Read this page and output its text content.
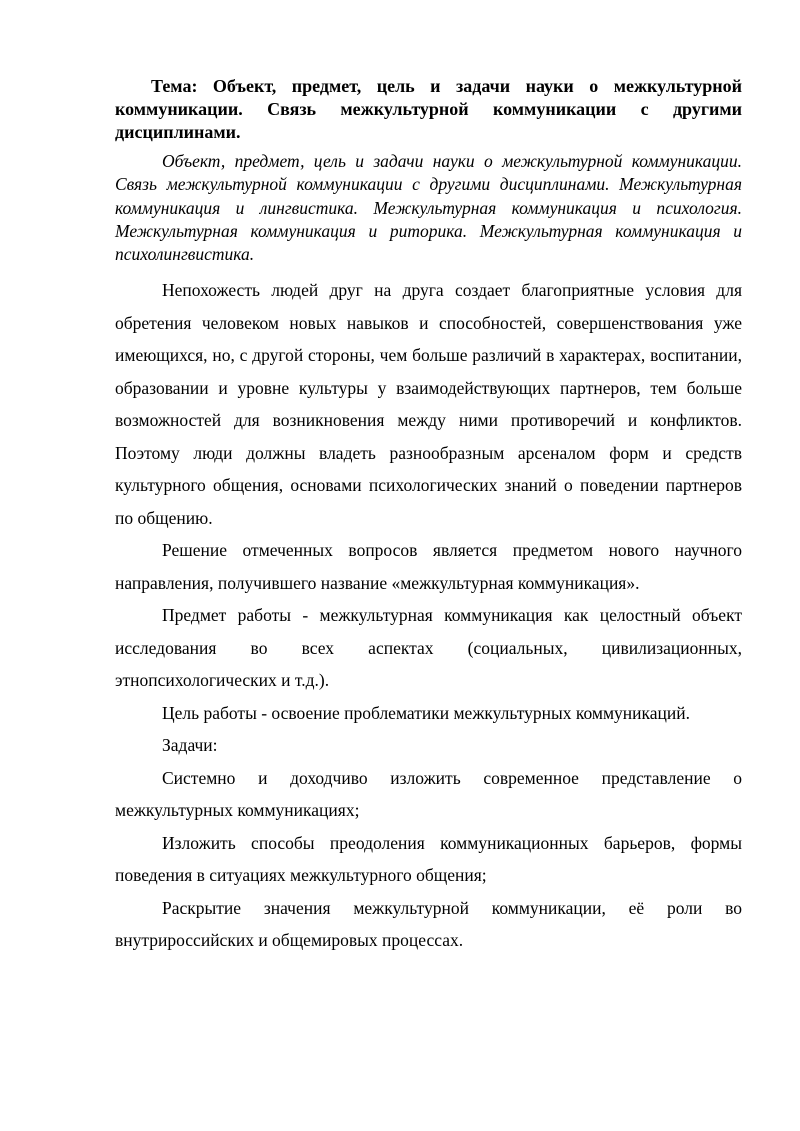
Тема: Объект, предмет, цель и задачи науки о межкультурной коммуникации. Связь межкультурной коммуникации с другими дисциплинами.

Объект, предмет, цель и задачи науки о межкультурной коммуникации. Связь межкультурной коммуникации с другими дисциплинами. Межкультурная коммуникация и лингвистика. Межкультурная коммуникация и психология. Межкультурная коммуникация и риторика. Межкультурная коммуникация и психолингвистика.

Непохожесть людей друг на друга создает благоприятные условия для обретения человеком новых навыков и способностей, совершенствования уже имеющихся, но, с другой стороны, чем больше различий в характерах, воспитании, образовании и уровне культуры у взаимодействующих партнеров, тем больше возможностей для возникновения между ними противоречий и конфликтов. Поэтому люди должны владеть разнообразным арсеналом форм и средств культурного общения, основами психологических знаний о поведении партнеров по общению.

Решение отмеченных вопросов является предметом нового научного направления, получившего название «межкультурная коммуникация».

Предмет работы - межкультурная коммуникация как целостный объект исследования во всех аспектах (социальных, цивилизационных, этнопсихологических и т.д.).

Цель работы - освоение проблематики межкультурных коммуникаций.

Задачи:

Системно и доходчиво изложить современное представление о межкультурных коммуникациях;

Изложить способы преодоления коммуникационных барьеров, формы поведения в ситуациях межкультурного общения;

Раскрытие значения межкультурной коммуникации, её роли во внутрироссийских и общемировых процессах.
